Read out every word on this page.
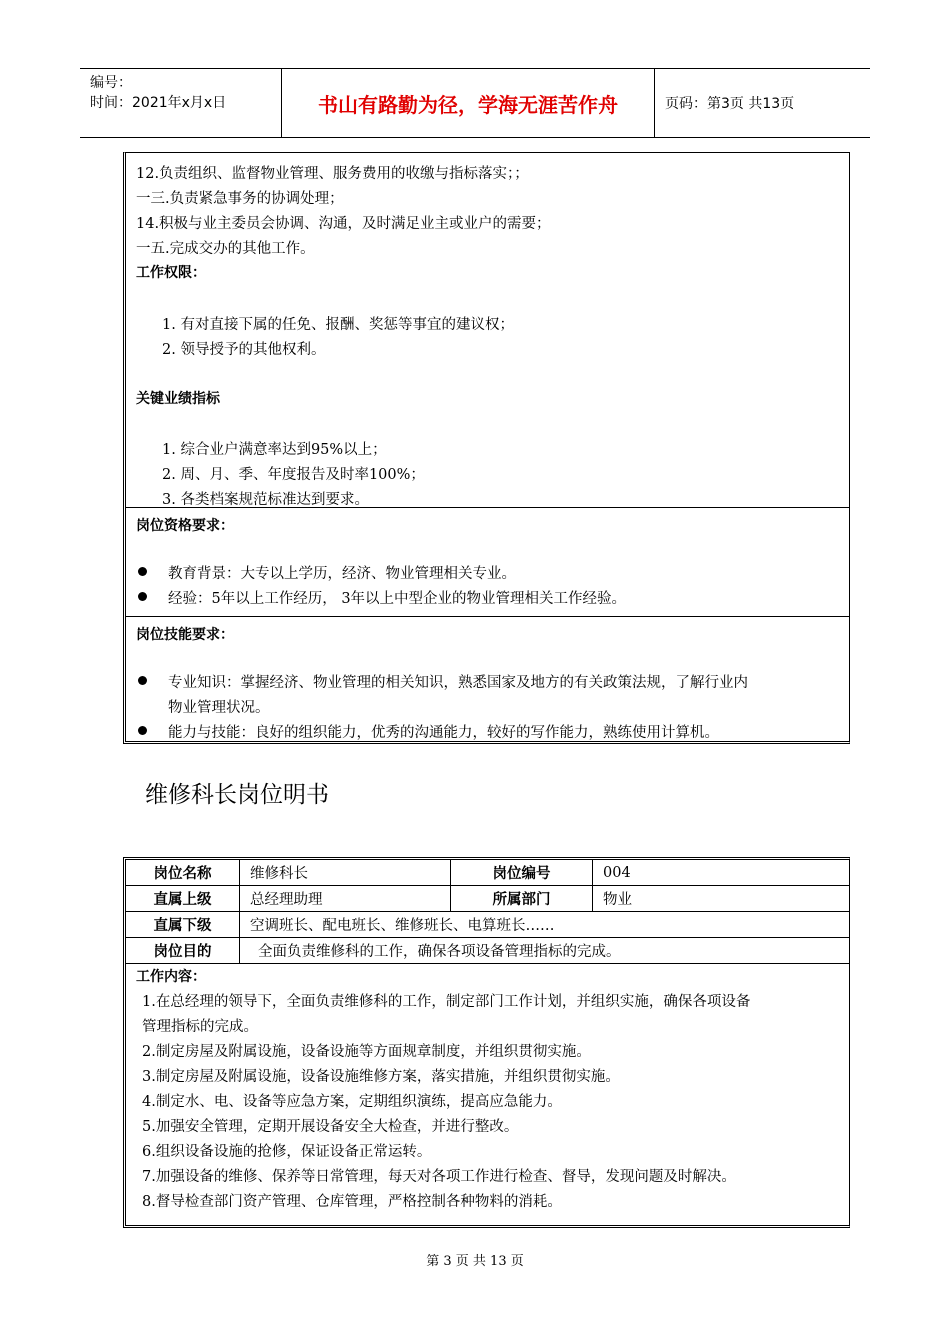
编号：
时间：2021年x月x日	书山有路勤为径，学海无涯苦作舟	页码：第3页 共13页
12.负责组织、监督物业管理、服务费用的收缴与指标落实；；
一三.负责紧急事务的协调处理；
14.积极与业主委员会协调、沟通，及时满足业主或业户的需要；
一五.完成交办的其他工作。
工作权限：
1. 有对直接下属的任免、报酬、奖惩等事宜的建议权；
2. 领导授予的其他权利。
关键业绩指标
1. 综合业户满意率达到95%以上；
2. 周、月、季、年度报告及时率100%；
3. 各类档案规范标准达到要求。
岗位资格要求：
教育背景：大专以上学历，经济、物业管理相关专业。
经验：5年以上工作经历， 3年以上中型企业的物业管理相关工作经验。
岗位技能要求：
专业知识：掌握经济、物业管理的相关知识，熟悉国家及地方的有关政策法规，了解行业内
物业管理状况。
能力与技能：良好的组织能力，优秀的沟通能力，较好的写作能力，熟练使用计算机。
维修科长岗位明书
岗位名称	维修科长	岗位编号	004
直属上级	总经理助理	所属部门	物业
直属下级	空调班长、配电班长、维修班长、电算班长……
岗位目的	全面负责维修科的工作，确保各项设备管理指标的完成。
工作内容：
1.在总经理的领导下，全面负责维修科的工作，制定部门工作计划，并组织实施，确保各项设备
管理指标的完成。
2.制定房屋及附属设施，设备设施等方面规章制度，并组织贯彻实施。
3.制定房屋及附属设施，设备设施维修方案，落实措施，并组织贯彻实施。
4.制定水、电、设备等应急方案，定期组织演练，提高应急能力。
5.加强安全管理，定期开展设备安全大检查，并进行整改。
6.组织设备设施的抢修，保证设备正常运转。
7.加强设备的维修、保养等日常管理，每天对各项工作进行检查、督导，发现问题及时解决。
8.督导检查部门资产管理、仓库管理，严格控制各种物料的消耗。
第 3 页 共 13 页
